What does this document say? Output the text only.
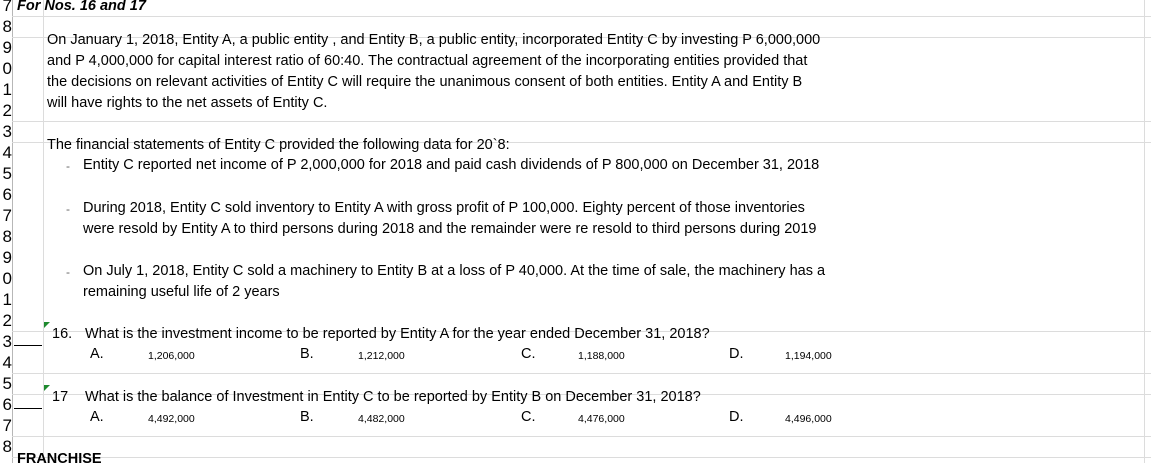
7
8
9
0
1
2
3
4
5
6
7
8
9
0
1
2
3
4
5
6
7
8
For Nos. 16 and 17
On January 1, 2018, Entity A, a public entity , and Entity B, a public entity, incorporated Entity C by investing P 6,000,000
and P 4,000,000 for capital interest ratio of 60:40. The contractual agreement of the incorporating entities provided that
the decisions on relevant activities of Entity C will require the unanimous consent of both entities. Entity A and Entity B
will have rights to the net assets of Entity C.
The financial statements of Entity C provided the following data for 20`8:
- Entity C reported net income of P 2,000,000 for 2018 and paid cash dividends of P 800,000 on December 31, 2018
- During 2018, Entity C sold inventory to Entity A with gross profit of P 100,000. Eighty percent of those inventories
were resold by Entity A to third persons during 2018 and the remainder were re resold to third persons during 2019
- On July 1, 2018, Entity C sold a machinery to Entity B at a loss of P 40,000. At the time of sale, the machinery has a
remaining useful life of 2 years
16. What is the investment income to be reported by Entity A for the year ended December 31, 2018?
A.	1,206,000	B.	1,212,000	C.	1,188,000	D.	1,194,000
17 What is the balance of Investment in Entity C to be reported by Entity B on December 31, 2018?
A.	4,492,000	B.	4,482,000	C.	4,476,000	D.	4,496,000
FRANCHISE
